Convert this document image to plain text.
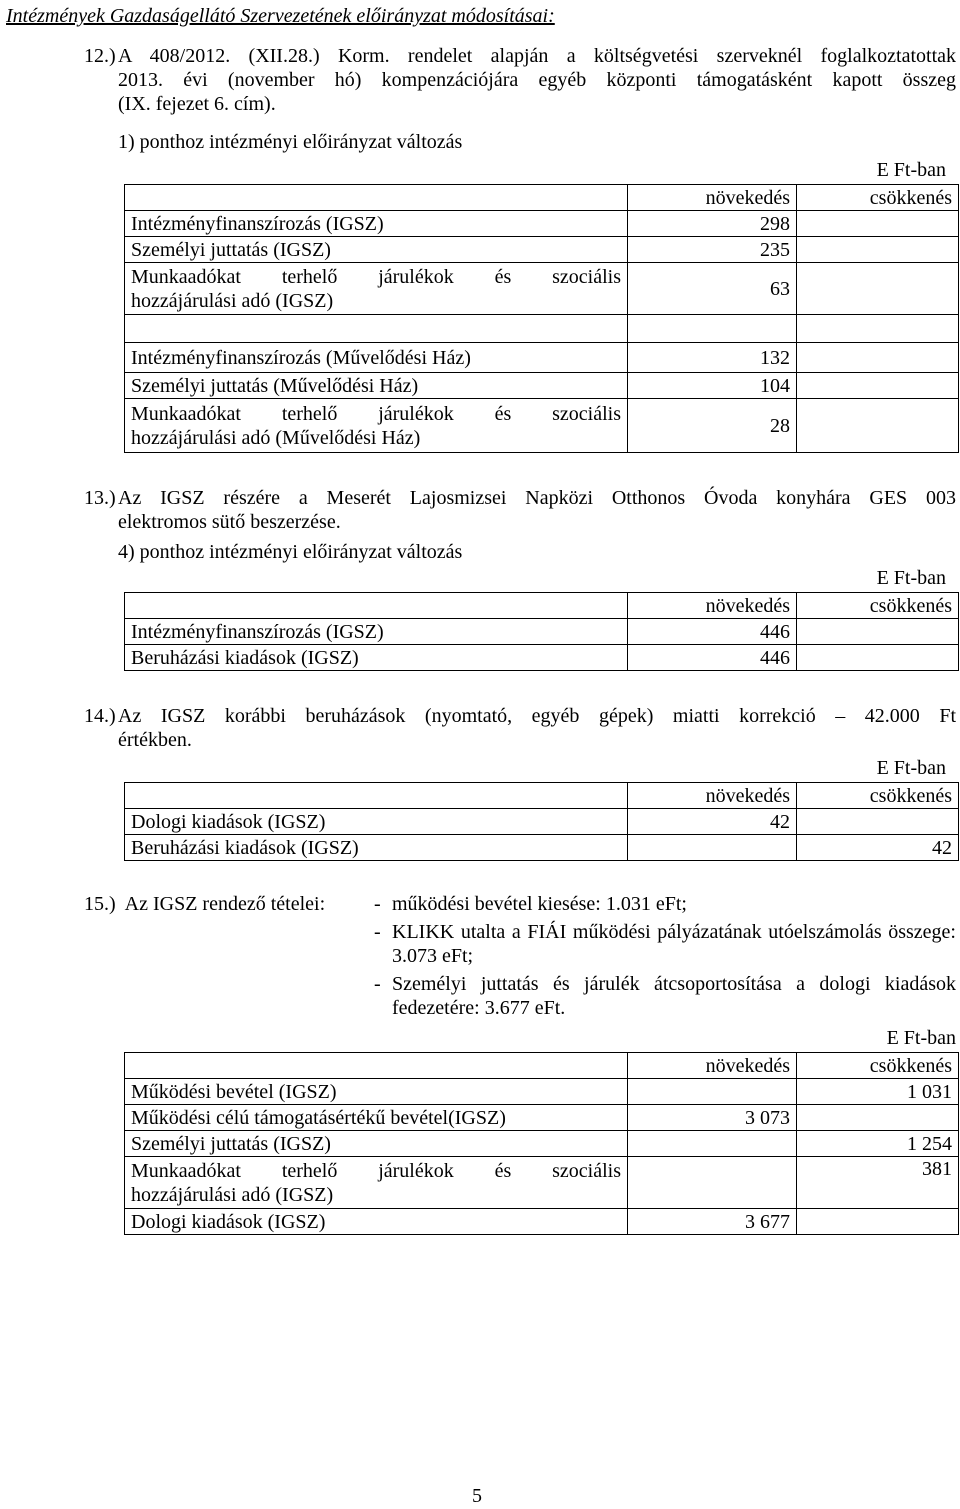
Intézmények Gazdaságellátó Szervezetének előirányzat módosításai:
12.) A 408/2012. (XII.28.) Korm. rendelet alapján a költségvetési szerveknél foglalkoztatottak

2013. évi (november hó) kompenzációjára egyéb központi támogatásként kapott összeg

(IX. fejezet 6. cím).

1) ponthoz intézményi előirányzat változás
E Ft-ban
	növekedés	csökkenés
Intézményfinanszírozás (IGSZ)	298	
Személyi juttatás (IGSZ)	235	

Munkaadókat terhelő járulékok és szociális
hozzájárulási adó (IGSZ)	63	

Intézményfinanszírozás (Művelődési Ház)	132	
Személyi juttatás (Művelődési Ház)	104	

Munkaadókat terhelő járulékok és szociális
hozzájárulási adó (Művelődési Ház)	28	
13.) Az IGSZ részére a Meserét Lajosmizsei Napközi Otthonos Óvoda konyhára GES 003

elektromos sütő beszerzése.

4) ponthoz intézményi előirányzat változás
E Ft-ban
	növekedés	csökkenés
Intézményfinanszírozás (IGSZ)	446	
Beruházási kiadások (IGSZ)	446	
14.) Az IGSZ korábbi beruházások (nyomtató, egyéb gépek) miatti korrekció – 42.000 Ft

értékben.

E Ft-ban
	növekedés	csökkenés
Dologi kiadások (IGSZ)	42	
Beruházási kiadások (IGSZ)		42
15.) Az IGSZ rendező tételei: - működési bevétel kiesése: 1.031 eFt;
- KLIKK utalta a FIÁI működési pályázatának utóelszámolás összege: 3.073 eFt;
- Személyi juttatás és járulék átcsoportosítása a dologi kiadások fedezetére: 3.677 eFt.
E Ft-ban
	növekedés	csökkenés
Működési bevétel (IGSZ)		1 031
Működési célú támogatásértékű bevétel(IGSZ)	3 073	
Személyi juttatás (IGSZ)		1 254

Munkaadókat terhelő járulékok és szociális
hozzájárulási adó (IGSZ)		381
Dologi kiadások (IGSZ)	3 677	
5
